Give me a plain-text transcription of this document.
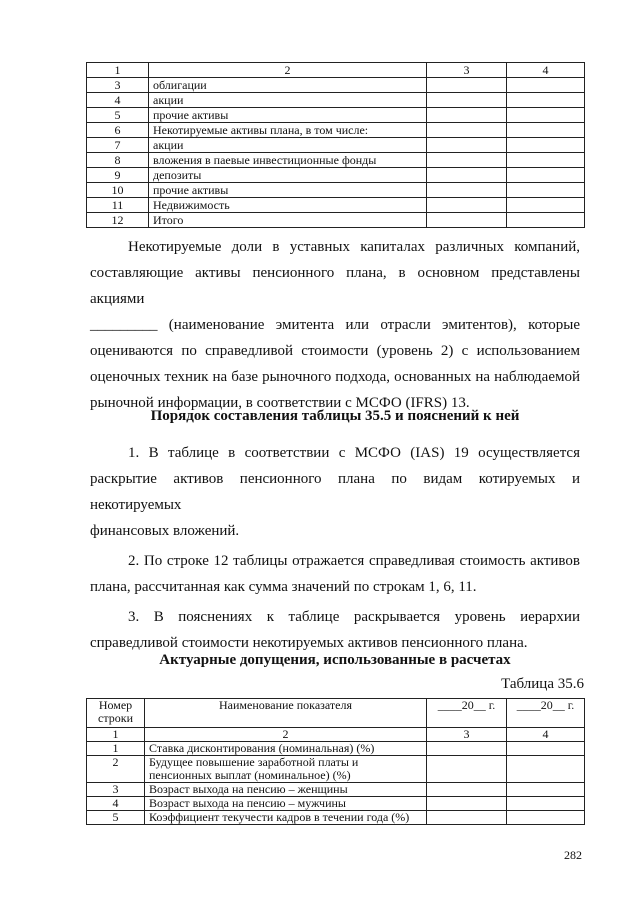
1	2	3	4
3	облигации		
4	акции		
5	прочие активы		
6	Некотируемые активы плана, в том числе:		
7	акции		
8	вложения в паевые инвестиционные фонды		
9	депозиты		
10	прочие активы		
11	Недвижимость		
12	Итого		
Некотируемые доли в уставных капиталах различных компаний,
составляющие активы пенсионного плана, в основном представлены акциями
_________ (наименование эмитента или отрасли эмитентов), которые
оцениваются по справедливой стоимости (уровень 2) с использованием
оценочных техник на базе рыночного подхода, основанных на наблюдаемой
рыночной информации, в соответствии с МСФО (IFRS) 13.
Порядок составления таблицы 35.5 и пояснений к ней
1. В таблице в соответствии с МСФО (IAS) 19 осуществляется
раскрытие активов пенсионного плана по видам котируемых и некотируемых
финансовых вложений.
2. По строке 12 таблицы отражается справедливая стоимость активов
плана, рассчитанная как сумма значений по строкам 1, 6, 11.
3. В пояснениях к таблице раскрывается уровень иерархии
справедливой стоимости некотируемых активов пенсионного плана.
Актуарные допущения, использованные в расчетах
Таблица 35.6
Номер
строки	Наименование показателя	____20__ г.	____20__ г.
1	2	3	4
1	Ставка дисконтирования (номинальная) (%)		
2	Будущее повышение заработной платы и
пенсионных выплат (номинальное) (%)		

3	Возраст выхода на пенсию – женщины		
4	Возраст выхода на пенсию – мужчины		
5	Коэффициент текучести кадров в течении года (%)		
282
